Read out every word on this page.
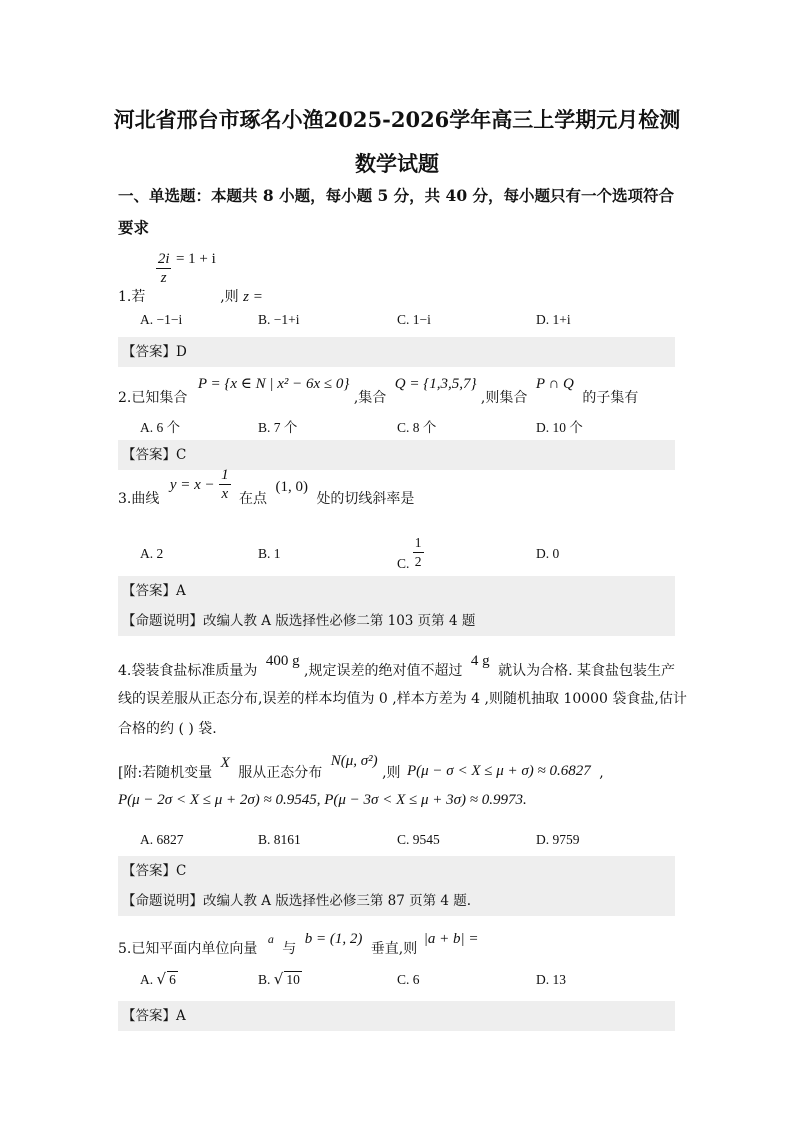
河北省邢台市琢名小渔2025-2026学年高三上学期元月检测
数学试题
一、单选题：本题共 8 小题，每小题 5 分，共 40 分，每小题只有一个选项符合要求
1.若
$\frac{2i}{z} = 1 + i$ ,则 z =
A. −1−i	B. −1+i	C. 1−i	D. 1+i
【答案】D
2.已知集合 P = {x ∈ N | x² − 6x ≤ 0} ,集合 Q = {1,3,5,7} ,则集合 P ∩ Q 的子集有
A. 6 个	B. 7 个	C. 8 个	D. 10 个
【答案】C
3.曲线 $y = x - \frac{1}{x}$ 在点 (1, 0) 处的切线斜率是
A. 2	B. 1
C. $\frac{1}{2}$	D. 0
【答案】A
【命题说明】改编人教 A 版选择性必修二第 103 页第 4 题
4.袋装食盐标准质量为 400 g ,规定误差的绝对值不超过 4 g 就认为合格. 某食盐包装生产
线的误差服从正态分布,误差的样本均值为 0 ,样本方差为 4 ,则随机抽取 10000 袋食盐,估计
合格的约 ( ) 袋.
[附:若随机变量 X 服从正态分布 N(μ, σ²) ,则 P(μ − σ < X ≤ μ + σ) ≈ 0.6827 ,
P(μ − 2σ < X ≤ μ + 2σ) ≈ 0.9545, P(μ − 3σ < X ≤ μ + 3σ) ≈ 0.9973.
A. 6827	B. 8161	C. 9545	D. 9759
【答案】C
【命题说明】改编人教 A 版选择性必修三第 87 页第 4 题.
5.已知平面内单位向量 a 与 b = (1, 2) 垂直,则 |a + b| =
A. √ 6	B. √ 10	C. 6	D. 13
【答案】A
